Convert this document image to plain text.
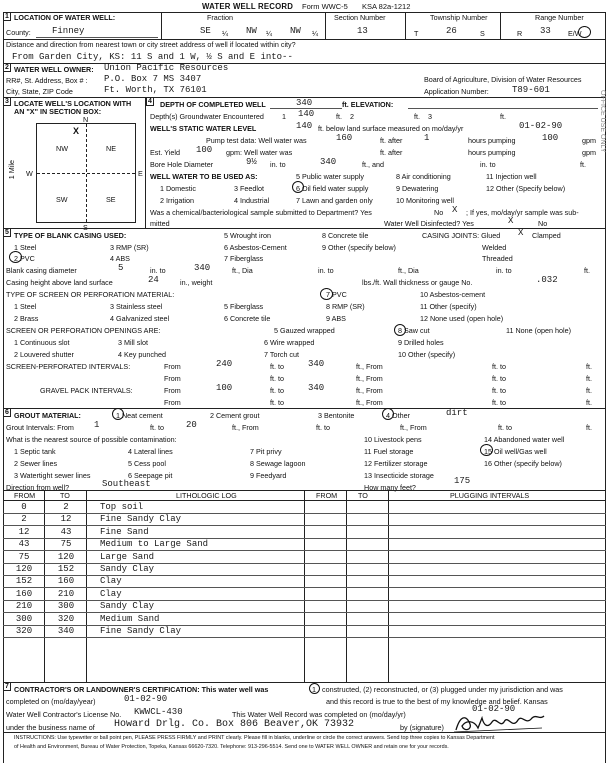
WATER WELL RECORD Form WWC-5 KSA 82a-1212
1 LOCATION OF WATER WELL:	Fraction	Section Number	Township Number	Range Number
County: Finney	SE ¼ NW ¼ NW ¼	13	T	26	S	R 33 E/W
Distance and direction from nearest town or city street address of well if located within city?
From Garden City, KS: 11 S and 1 W, ½ S and E into--
2 WATER WELL OWNER: Union Pacific Resources
RR#, St. Address, Box # : P.O. Box 7 MS 3407
City, State, ZIP Code	Ft. Worth, TX 76101
Board of Agriculture, Division of Water Resources
Application Number:	T89-601
3 LOCATE WELL'S LOCATION WITH
AN "X" IN SECTION BOX:
N
S
W	E
1 Mile
NW	NE
SW	SE
X
4 DEPTH OF COMPLETED WELL	340	ft. ELEVATION:
Depth(s) Groundwater Encountered	1 140	ft. 2	ft. 3	ft.
WELL'S STATIC WATER LEVEL	140 ft. below land surface measured on mo/day/yr	01-02-90
Pump test data: Well water was	160	ft. after 1	hours pumping	100	gpm
Est. Yield 100 gpm: Well water was	ft. after	hours pumping	gpm
Bore Hole Diameter	9½ in. to	340	ft., and	in. to	ft.
WELL WATER TO BE USED AS:	5 Public water supply	8 Air conditioning	11 Injection well
1 Domestic	3 Feedlot	6 Oil field water supply	9 Dewatering	12 Other (Specify below)
2 Irrigation	4 Industrial	7 Lawn and garden only	10 Monitoring well
Was a chemical/bacteriological sample submitted to Department? Yes	No X ; If yes, mo/day/yr sample was sub-
mitted	Water Well Disinfected? Yes	X	No
5 TYPE OF BLANK CASING USED:
1 Steel	3 RMP (SR)
5 Wrought iron	8 Concrete tile
2 PVC	4 ABS
6 Asbestos-Cement	9 Other (specify below)
7 Fiberglass
CASING JOINTS: Glued X Clamped
Welded
Threaded
Blank casing diameter	5	in. to	340	ft., Dia	in. to	ft., Dia	in. to	ft.
Casing height above land surface	24	in., weight	lbs./ft. Wall thickness or gauge No.	.032
TYPE OF SCREEN OR PERFORATION MATERIAL:	7 PVC	10 Asbestos-cement
1 Steel	3 Stainless steel	5 Fiberglass	8 RMP (SR)	11 Other (specify)
2 Brass	4 Galvanized steel	6 Concrete tile	9 ABS	12 None used (open hole)
SCREEN OR PERFORATION OPENINGS ARE:	5 Gauzed wrapped	8 Saw cut	11 None (open hole)
1 Continuous slot	3 Mill slot	6 Wire wrapped	9 Drilled holes
2 Louvered shutter	4 Key punched	7 Torch cut	10 Other (specify)
SCREEN-PERFORATED INTERVALS:	From	240	ft. to	340	ft., From	ft. to	ft.
From	ft. to	ft., From	ft. to	ft.
GRAVEL PACK INTERVALS:	From	100	ft. to	340	ft., From	ft. to	ft.
From	ft. to	ft., From	ft. to	ft.
6 GROUT MATERIAL:	1 Neat cement	2 Cement grout	3 Bentonite	4 Other	dirt
Grout Intervals: From 1	ft. to 20	ft., From	ft. to	ft., From	ft. to	ft.
What is the nearest source of possible contamination:	10 Livestock pens	14 Abandoned water well
1 Septic tank	4 Lateral lines	7 Pit privy	11 Fuel storage	15 Oil well/Gas well
2 Sewer lines	5 Cess pool	8 Sewage lagoon	12 Fertilizer storage	16 Other (specify below)
3 Watertight sewer lines	6 Seepage pit	9 Feedyard	13 Insecticide storage
Direction from well?	Southeast	How many feet?
175
FROM	TO	LITHOLOGIC LOG	FROM	TO	PLUGGING INTERVALS
0	2	Top soil
2	12	Fine Sandy Clay
12	43	Fine Sand
43	75	Medium to Large Sand
75	120	Large Sand
120	152	Sandy Clay
152	160	Clay
160	210	Clay
210	300	Sandy Clay
300	320	Medium Sand
320	340	Fine Sandy Clay
7 CONTRACTOR'S OR LANDOWNER'S CERTIFICATION: This water well was	1 constructed, (2) reconstructed, or (3) plugged under my jurisdiction and was
completed on (mo/day/year)	01-02-90	and this record is true to the best of my knowledge and belief. Kansas
Water Well Contractor's License No. KWWCL-430	This Water Well Record was completed on (mo/day/yr)
01-02-90
under the business name of Howard Drlg. Co. Box 806 Beaver,OK 73932	by (signature)
INSTRUCTIONS: Use typewriter or ball point pen, PLEASE PRESS FIRMLY and PRINT clearly. Please fill in blanks, underline or circle the correct answers. Send top three copies to Kansas Department
of Health and Environment, Bureau of Water Protection, Topeka, Kansas 66620-7320. Telephone: 913-296-5514. Send one to WATER WELL OWNER and retain one for your records.
OFFICE USE ONLY
